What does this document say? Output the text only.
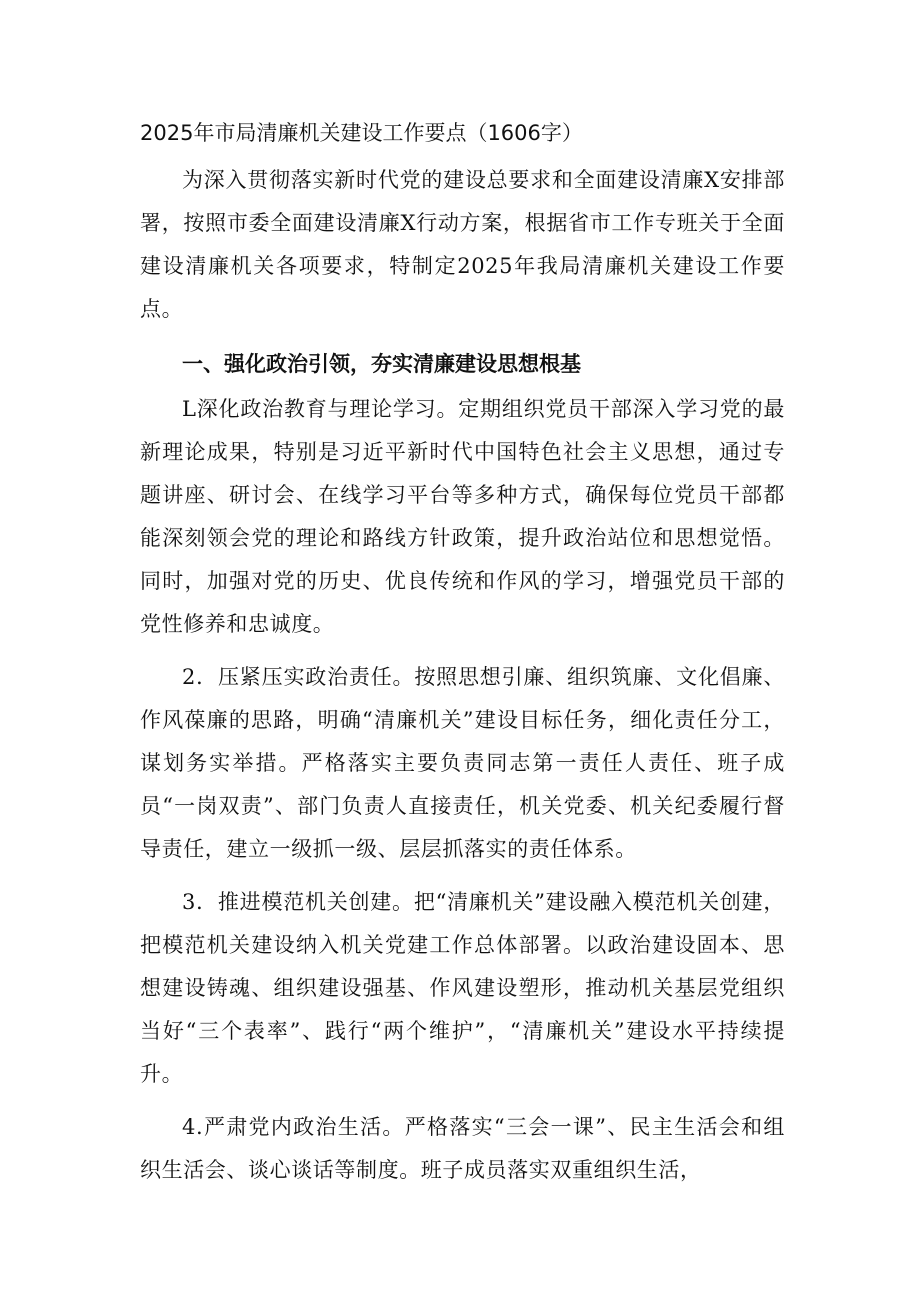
2025年市局清廉机关建设工作要点（1606字）

为深入贯彻落实新时代党的建设总要求和全面建设清廉X安排部署，按照市委全面建设清廉X行动方案，根据省市工作专班关于全面建设清廉机关各项要求，特制定2025年我局清廉机关建设工作要点。

一、强化政治引领，夯实清廉建设思想根基

L深化政治教育与理论学习。定期组织党员干部深入学习党的最新理论成果，特别是习近平新时代中国特色社会主义思想，通过专题讲座、研讨会、在线学习平台等多种方式，确保每位党员干部都能深刻领会党的理论和路线方针政策，提升政治站位和思想觉悟。同时，加强对党的历史、优良传统和作风的学习，增强党员干部的党性修养和忠诚度。

2．压紧压实政治责任。按照思想引廉、组织筑廉、文化倡廉、作风葆廉的思路，明确“清廉机关”建设目标任务，细化责任分工，谋划务实举措。严格落实主要负责同志第一责任人责任、班子成员“一岗双责”、部门负责人直接责任，机关党委、机关纪委履行督导责任，建立一级抓一级、层层抓落实的责任体系。

3．推进模范机关创建。把“清廉机关”建设融入模范机关创建，把模范机关建设纳入机关党建工作总体部署。以政治建设固本、思想建设铸魂、组织建设强基、作风建设塑形，推动机关基层党组织当好“三个表率”、践行“两个维护”，“清廉机关”建设水平持续提升。

4.严肃党内政治生活。严格落实“三会一课”、民主生活会和组织生活会、谈心谈话等制度。班子成员落实双重组织生活，
